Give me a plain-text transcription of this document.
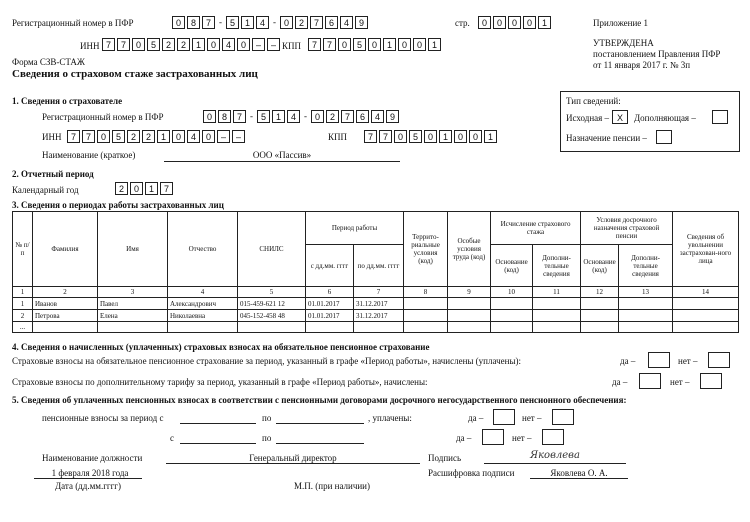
Регистрационный номер в ПФР	0	8	7 - 5	1	4 - 0	2	7	6	4	9	стр.	0	0	0	0	1	Приложение 1
ИНН 7	7	0	5	2	2	1	0	4	0	–	– КПП	7	7	0	5	0	1	0	0	1	УТВЕРЖДЕНА
постановлением Правления ПФР
от 11 января 2017 г. № 3п
Форма СЗВ-СТАЖ
Сведения о страховом стаже застрахованных лиц
1. Сведения о страхователе
Регистрационный номер в ПФР	0	8	7 - 5	1	4 - 0	2	7	6	4	9
ИНН	7	7	0	5	2	2	1	0	4	0	–	–	КПП	7	7	0	5	0	1	0	0	1
Наименование (краткое)	ООО «Пассив»
Тип сведений:
Исходная – X	Дополняющая –
Назначение пенсии –
2. Отчетный период
Календарный год	2	0	1	7
3. Сведения о периодах работы застрахованных лиц
№ п/п	Фамилия	Имя	Отчество	СНИЛС	Период работы		Террито-риальные условия (код)	Особые условия труда (код)	Исчисление страхового стажа		Условия досрочного назначения страховой пенсии		Сведения об увольнении застрахован-ного лица
					с дд.мм. гггг	по дд.мм. гггг			Основание (код)	Дополни-тельные сведения	Основание (код)	Дополни-тельные сведения	
1	2	3	4	5	6	7	8	9	10	11	12	13	14
1	Иванов	Павел	Александрович	015-459-621 12	01.01.2017	31.12.2017							
2	Петрова	Елена	Николаевна	045-152-458 48	01.01.2017	31.12.2017							
...													
4. Сведения о начисленных (уплаченных) страховых взносах на обязательное пенсионное страхование
Страховые взносы на обязательное пенсионное страхование за период, указанный в графе «Период работы», начислены (уплачены):	да –	нет –
Страховые взносы по дополнительному тарифу за период, указанный в графе «Период работы», начислены:	да –	нет –
5. Сведения об уплаченных пенсионных взносах в соответствии с пенсионными договорами досрочного негосударственного пенсионного обеспечения:
пенсионные взносы за период с	по	, уплачены:	да –	нет –
с	по	да –	нет –
Наименование должности	Генеральный директор	Подпись	Яковлева
1 февраля 2018 года
Дата (дд.мм.гггг)	М.П. (при наличии)
Расшифровка подписи	Яковлева О. А.
